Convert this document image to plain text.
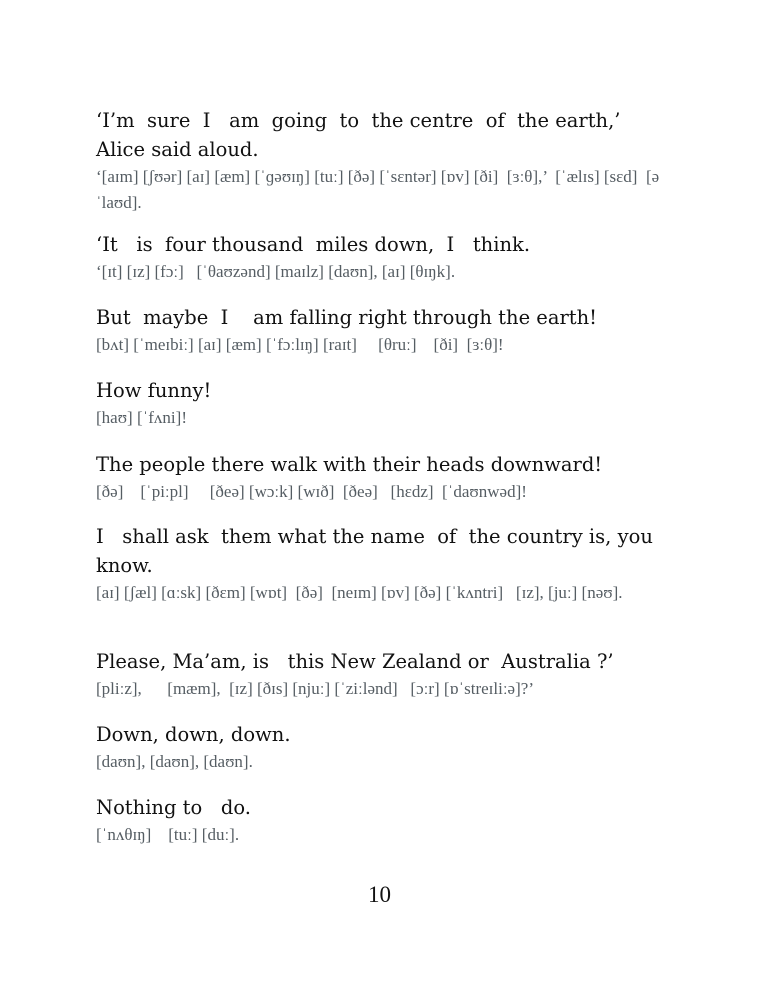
‘I’m  sure  I   am  going  to  the centre  of  the earth,’ Alice said aloud.

‘[aɪm] [ʃʊər] [aɪ] [æm] [ˈɡəʊɪŋ] [tuː] [ðə] [ˈsɛntər] [ɒv] [ði]  [ɜːθ],’  [ˈælɪs] [sɛd]  [əˈlaʊd].

‘It   is  four thousand  miles down,  I   think.

‘[ɪt] [ɪz] [fɔː]   [ˈθaʊzənd] [maɪlz] [daʊn], [aɪ] [θɪŋk].

But  maybe  I    am falling right through the earth!

[bʌt] [ˈmeɪbiː] [aɪ] [æm] [ˈfɔːlɪŋ] [raɪt]     [θruː]    [ði]  [ɜːθ]!

How funny!

[haʊ] [ˈfʌni]!

The people there walk with their heads downward!

[ðə]    [ˈpiːpl]     [ðeə] [wɔːk] [wɪð]  [ðeə]   [hɛdz]  [ˈdaʊnwəd]!

I   shall ask  them what the name  of  the country is, you know.

[aɪ] [ʃæl] [ɑːsk] [ðɛm] [wɒt]  [ðə]  [neɪm] [ɒv] [ðə] [ˈkʌntri]   [ɪz], [juː] [nəʊ].

Please, Ma’am, is   this New Zealand or  Australia ?’

[pliːz],      [mæm],  [ɪz] [ðɪs] [njuː] [ˈziːlənd]   [ɔːr] [ɒˈstreɪliːə]?’

Down, down, down.

[daʊn], [daʊn], [daʊn].

Nothing to   do.

[ˈnʌθɪŋ]    [tuː] [duː].

10
